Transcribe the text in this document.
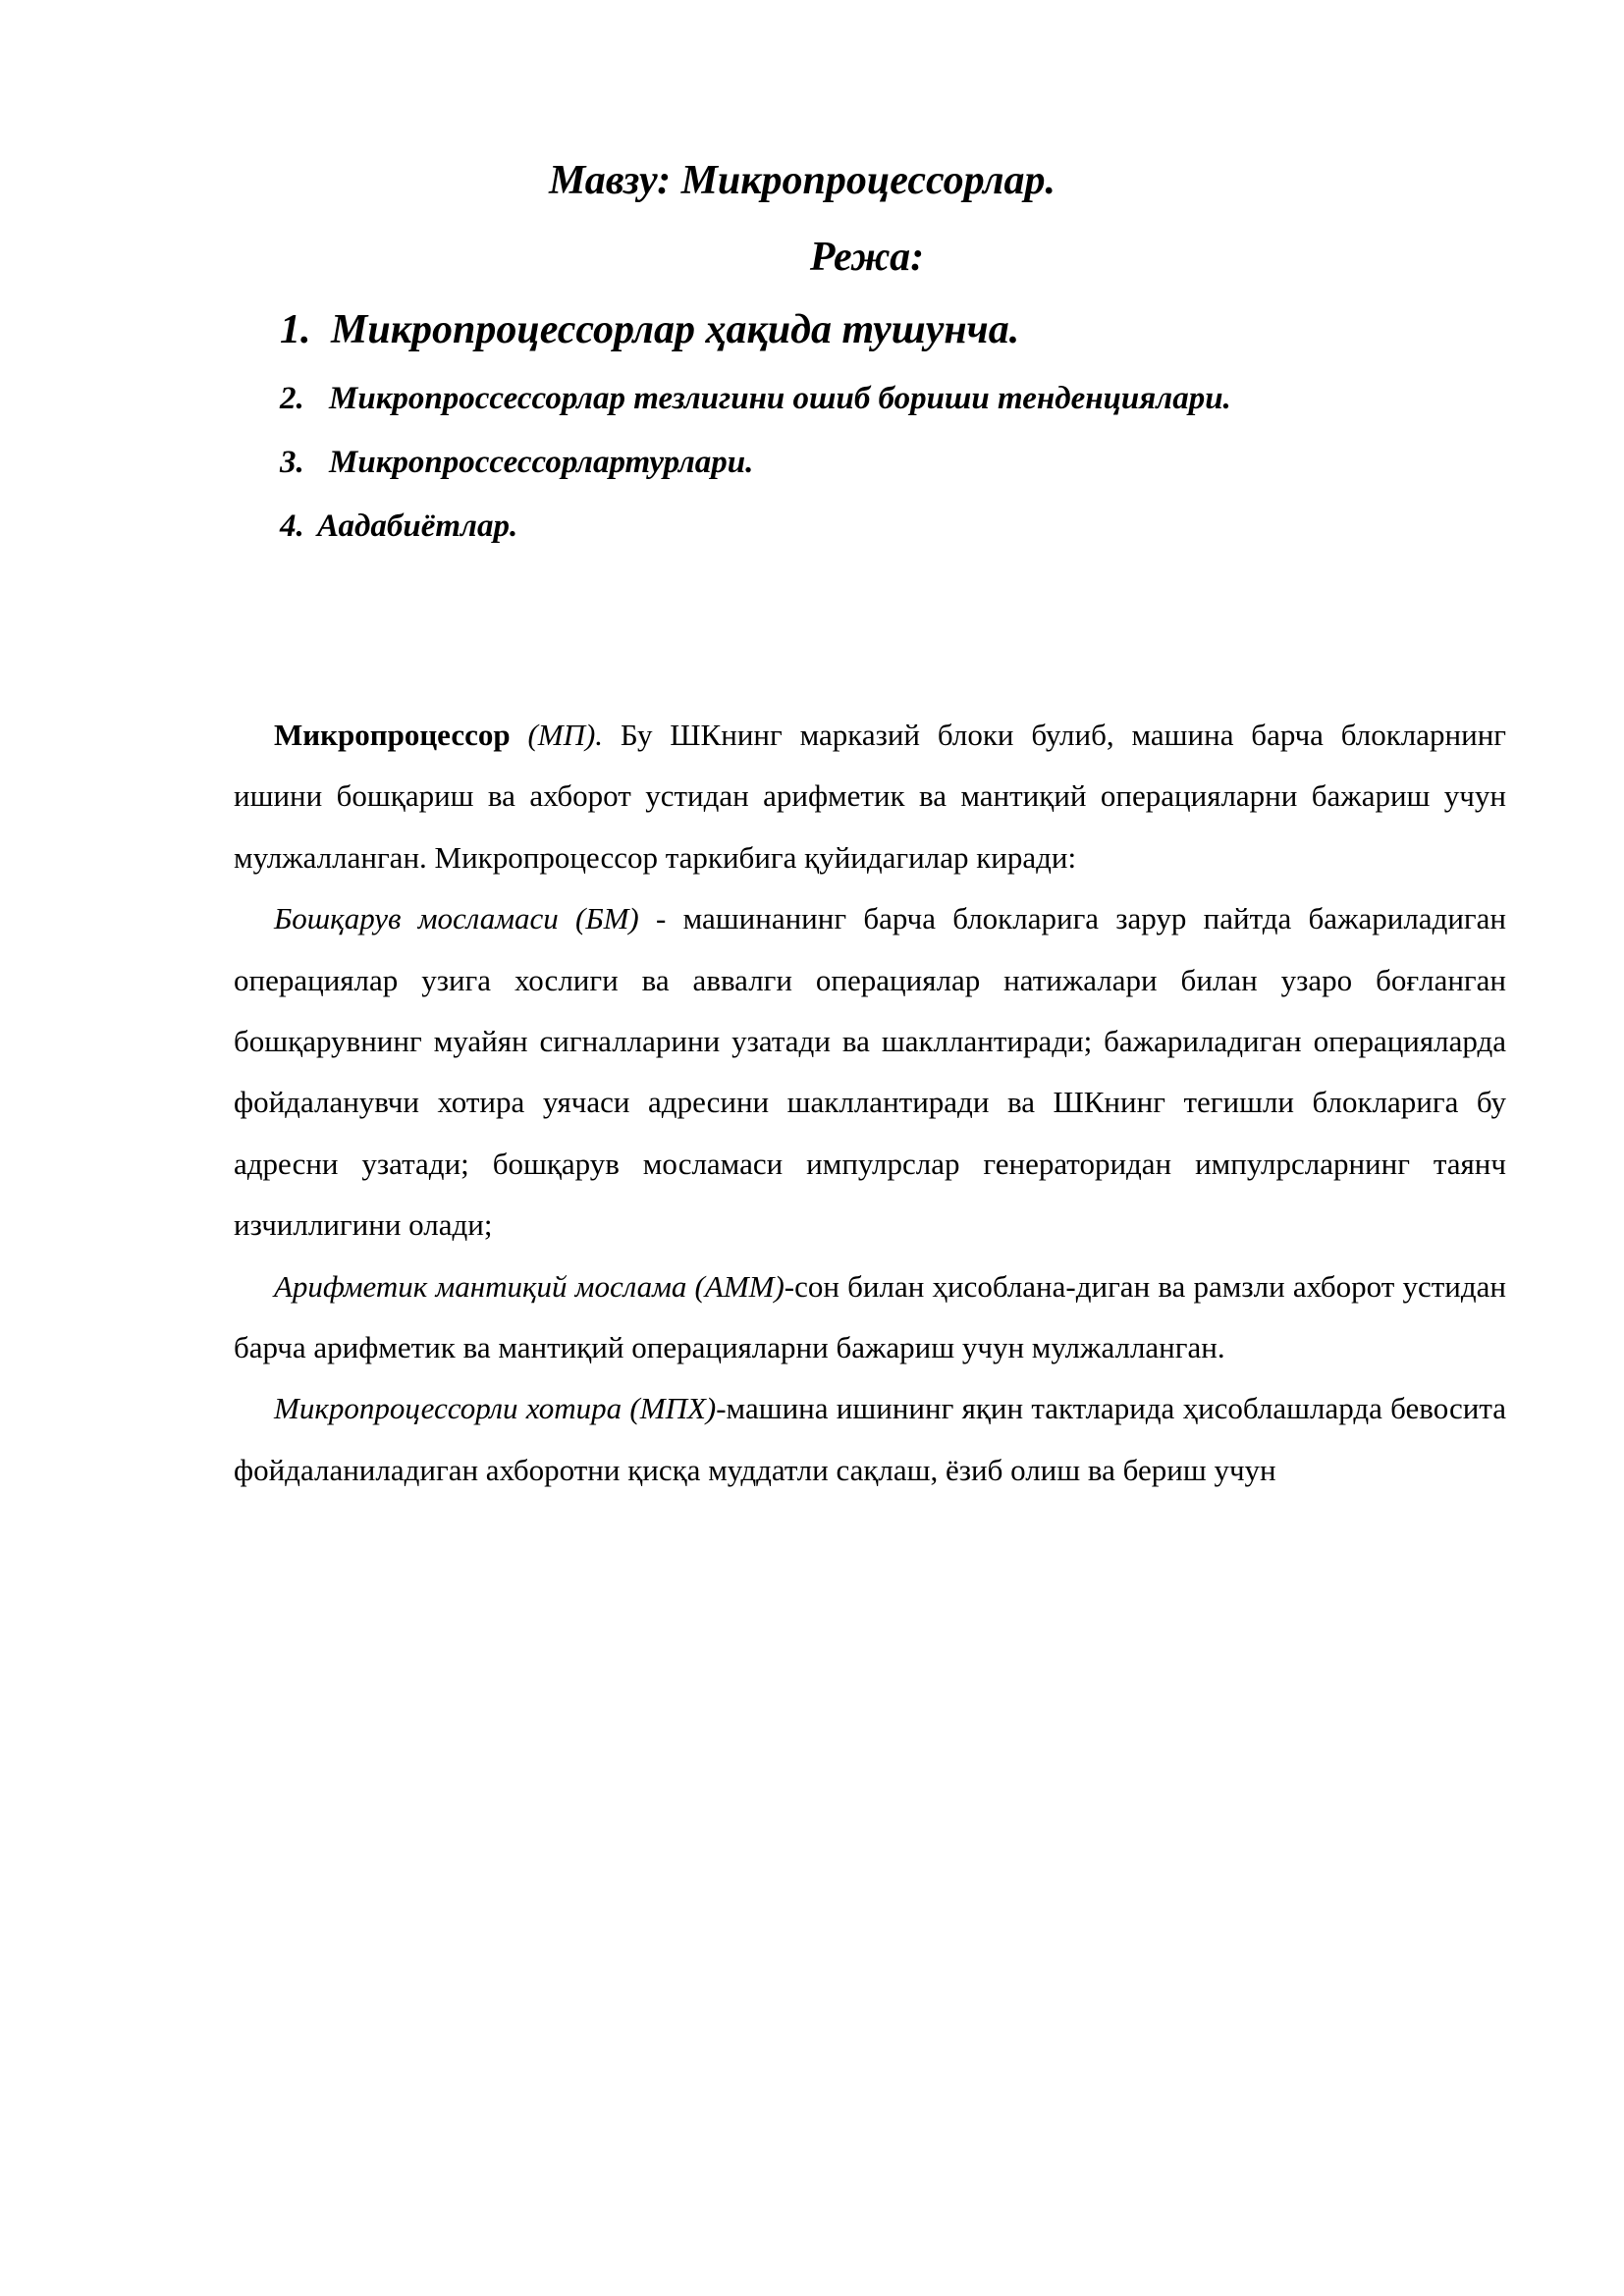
Мавзу: Микропроцессорлар.
Режа:
1. Микропроцессорлар ҳақида тушунча.
2. Микропроссессорлар тезлигини ошиб бориши тенденциялари.
3. Микропроссессорлартурлари.
4. Аадабиётлар.

Микропроцессор (МП). Бу ШКнинг марказий блоки булиб, машина барча блокларнинг ишини бошқариш ва ахборот устидан арифметик ва мантиқий операцияларни бажариш учун мулжалланган. Микропроцессор таркибига қуйидагилар киради:

Бошқарув мосламаси (БМ) - машинанинг барча блокларига зарур пайтда бажариладиган операциялар узига хослиги ва аввалги операциялар натижалари билан узаро боғланган бошқарувнинг муайян сигналларини узатади ва шакллантиради; бажариладиган операцияларда фойдаланувчи хотира уячаси адресини шакллантиради ва ШКнинг тегишли блокларига бу адресни узатади; бошқарув мосламаси импулрслар генераторидан импулрсларнинг таянч изчиллигини олади;

Арифметик мантиқий мослама (АММ)-сон билан ҳисоблана-диган ва рамзли ахборот устидан барча арифметик ва мантиқий операцияларни бажариш учун мулжалланган.

Микропроцессорли хотира (МПХ)-машина ишининг яқин тактларида ҳисоблашларда бевосита фойдаланиладиган ахборотни қисқа муддатли сақлаш, ёзиб олиш ва бериш учун
